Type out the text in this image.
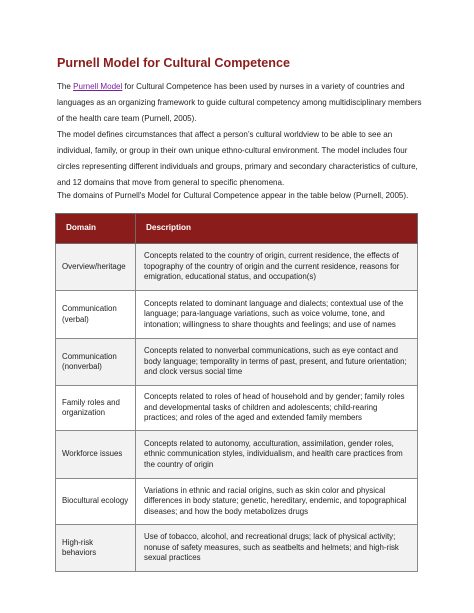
Purnell Model for Cultural Competence
The Purnell Model for Cultural Competence has been used by nurses in a variety of countries and languages as an organizing framework to guide cultural competency among multidisciplinary members of the health care team (Purnell, 2005).
The model defines circumstances that affect a person’s cultural worldview to be able to see an individual, family, or group in their own unique ethno-cultural environment. The model includes four circles representing different individuals and groups, primary and secondary characteristics of culture, and 12 domains that move from general to specific phenomena.
The domains of Purnell's Model for Cultural Competence appear in the table below (Purnell, 2005).
Domain	Description
Overview/heritage	Concepts related to the country of origin, current residence, the effects of topography of the country of origin and the current residence, reasons for emigration, educational status, and occupation(s)
Communication (verbal)	Concepts related to dominant language and dialects; contextual use of the language; para-language variations, such as voice volume, tone, and intonation; willingness to share thoughts and feelings; and use of names
Communication (nonverbal)	Concepts related to nonverbal communications, such as eye contact and body language; temporality in terms of past, present, and future orientation; and clock versus social time
Family roles and organization	Concepts related to roles of head of household and by gender; family roles and developmental tasks of children and adolescents; child-rearing practices; and roles of the aged and extended family members
Workforce issues	Concepts related to autonomy, acculturation, assimilation, gender roles, ethnic communication styles, individualism, and health care practices from the country of origin
Biocultural ecology	Variations in ethnic and racial origins, such as skin color and physical differences in body stature; genetic, hereditary, endemic, and topographical diseases; and how the body metabolizes drugs
High-risk behaviors	Use of tobacco, alcohol, and recreational drugs; lack of physical activity; nonuse of safety measures, such as seatbelts and helmets; and high-risk sexual practices
